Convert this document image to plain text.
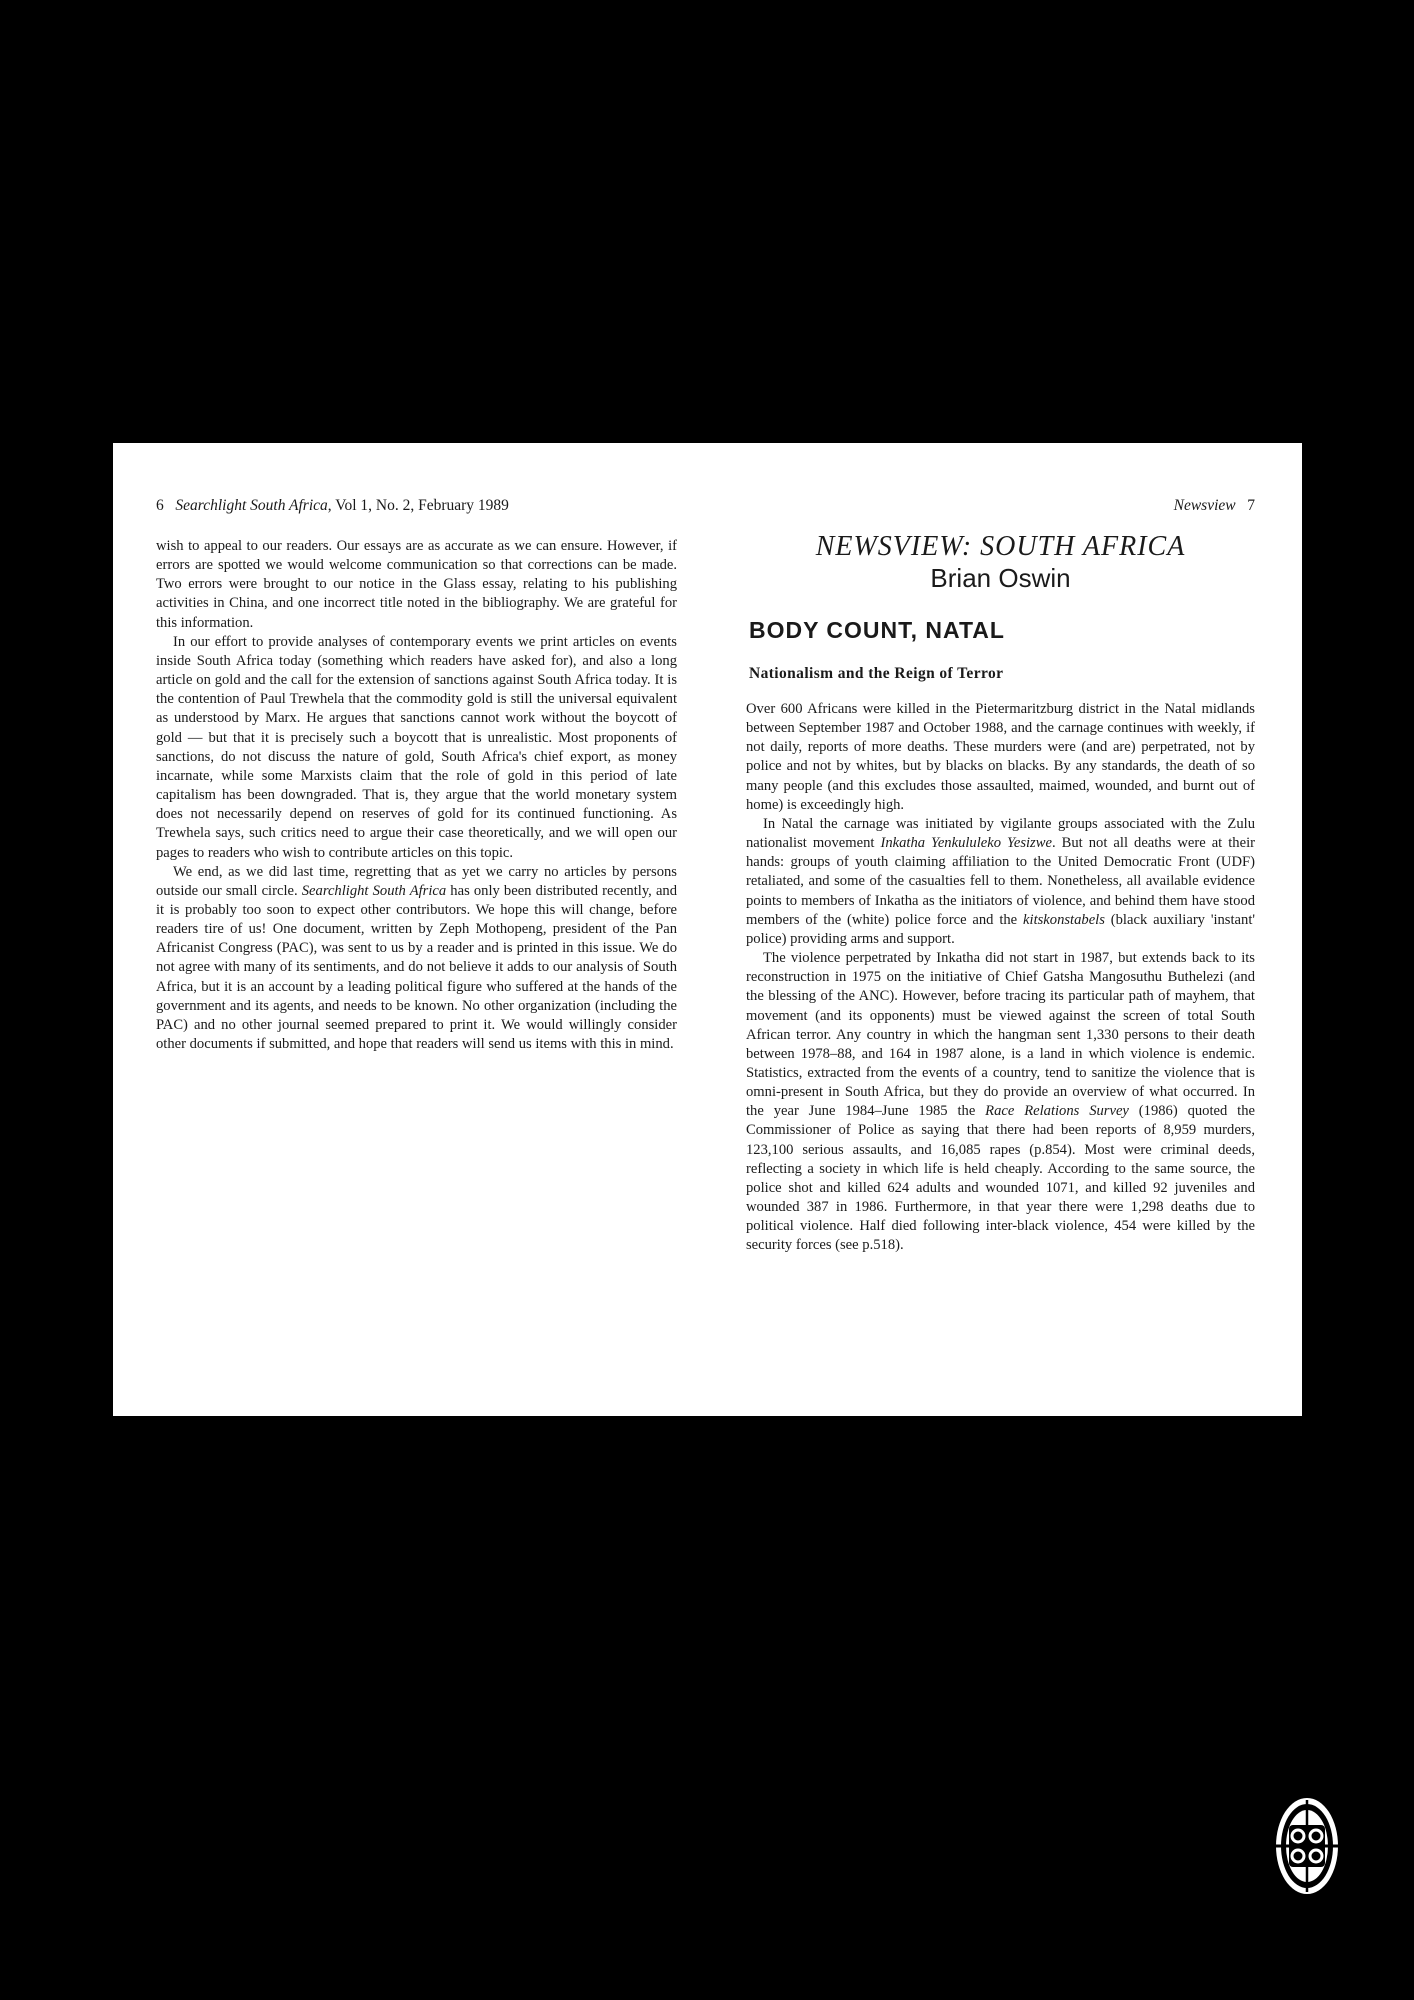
6 Searchlight South Africa, Vol 1, No. 2, February 1989

wish to appeal to our readers. Our essays are as accurate as we can ensure. However, if errors are spotted we would welcome communication so that corrections can be made. Two errors were brought to our notice in the Glass essay, relating to his publishing activities in China, and one incorrect title noted in the bibliography. We are grateful for this information.

In our effort to provide analyses of contemporary events we print articles on events inside South Africa today (something which readers have asked for), and also a long article on gold and the call for the extension of sanctions against South Africa today. It is the contention of Paul Trewhela that the commodity gold is still the universal equivalent as understood by Marx. He argues that sanctions cannot work without the boycott of gold — but that it is precisely such a boycott that is unrealistic. Most proponents of sanctions, do not discuss the nature of gold, South Africa's chief export, as money incarnate, while some Marxists claim that the role of gold in this period of late capitalism has been downgraded. That is, they argue that the world monetary system does not necessarily depend on reserves of gold for its continued functioning. As Trewhela says, such critics need to argue their case theoretically, and we will open our pages to readers who wish to contribute articles on this topic.

We end, as we did last time, regretting that as yet we carry no articles by persons outside our small circle. Searchlight South Africa has only been distributed recently, and it is probably too soon to expect other contributors. We hope this will change, before readers tire of us! One document, written by Zeph Mothopeng, president of the Pan Africanist Congress (PAC), was sent to us by a reader and is printed in this issue. We do not agree with many of its sentiments, and do not believe it adds to our analysis of South Africa, but it is an account by a leading political figure who suffered at the hands of the government and its agents, and needs to be known. No other organization (including the PAC) and no other journal seemed prepared to print it. We would willingly consider other documents if submitted, and hope that readers will send us items with this in mind.

Newsview 7
NEWSVIEW: SOUTH AFRICA
Brian Oswin
BODY COUNT, NATAL
Nationalism and the Reign of Terror

Over 600 Africans were killed in the Pietermaritzburg district in the Natal midlands between September 1987 and October 1988, and the carnage continues with weekly, if not daily, reports of more deaths. These murders were (and are) perpetrated, not by police and not by whites, but by blacks on blacks. By any standards, the death of so many people (and this excludes those assaulted, maimed, wounded, and burnt out of home) is exceedingly high.

In Natal the carnage was initiated by vigilante groups associated with the Zulu nationalist movement Inkatha Yenkululeko Yesizwe. But not all deaths were at their hands: groups of youth claiming affiliation to the United Democratic Front (UDF) retaliated, and some of the casualties fell to them. Nonetheless, all available evidence points to members of Inkatha as the initiators of violence, and behind them have stood members of the (white) police force and the kitskonstabels (black auxiliary 'instant' police) providing arms and support.

The violence perpetrated by Inkatha did not start in 1987, but extends back to its reconstruction in 1975 on the initiative of Chief Gatsha Mangosuthu Buthelezi (and the blessing of the ANC). However, before tracing its particular path of mayhem, that movement (and its opponents) must be viewed against the screen of total South African terror. Any country in which the hangman sent 1,330 persons to their death between 1978–88, and 164 in 1987 alone, is a land in which violence is endemic. Statistics, extracted from the events of a country, tend to sanitize the violence that is omni-present in South Africa, but they do provide an overview of what occurred. In the year June 1984–June 1985 the Race Relations Survey (1986) quoted the Commissioner of Police as saying that there had been reports of 8,959 murders, 123,100 serious assaults, and 16,085 rapes (p.854). Most were criminal deeds, reflecting a society in which life is held cheaply. According to the same source, the police shot and killed 624 adults and wounded 1071, and killed 92 juveniles and wounded 387 in 1986. Furthermore, in that year there were 1,298 deaths due to political violence. Half died following inter-black violence, 454 were killed by the security forces (see p.518).
